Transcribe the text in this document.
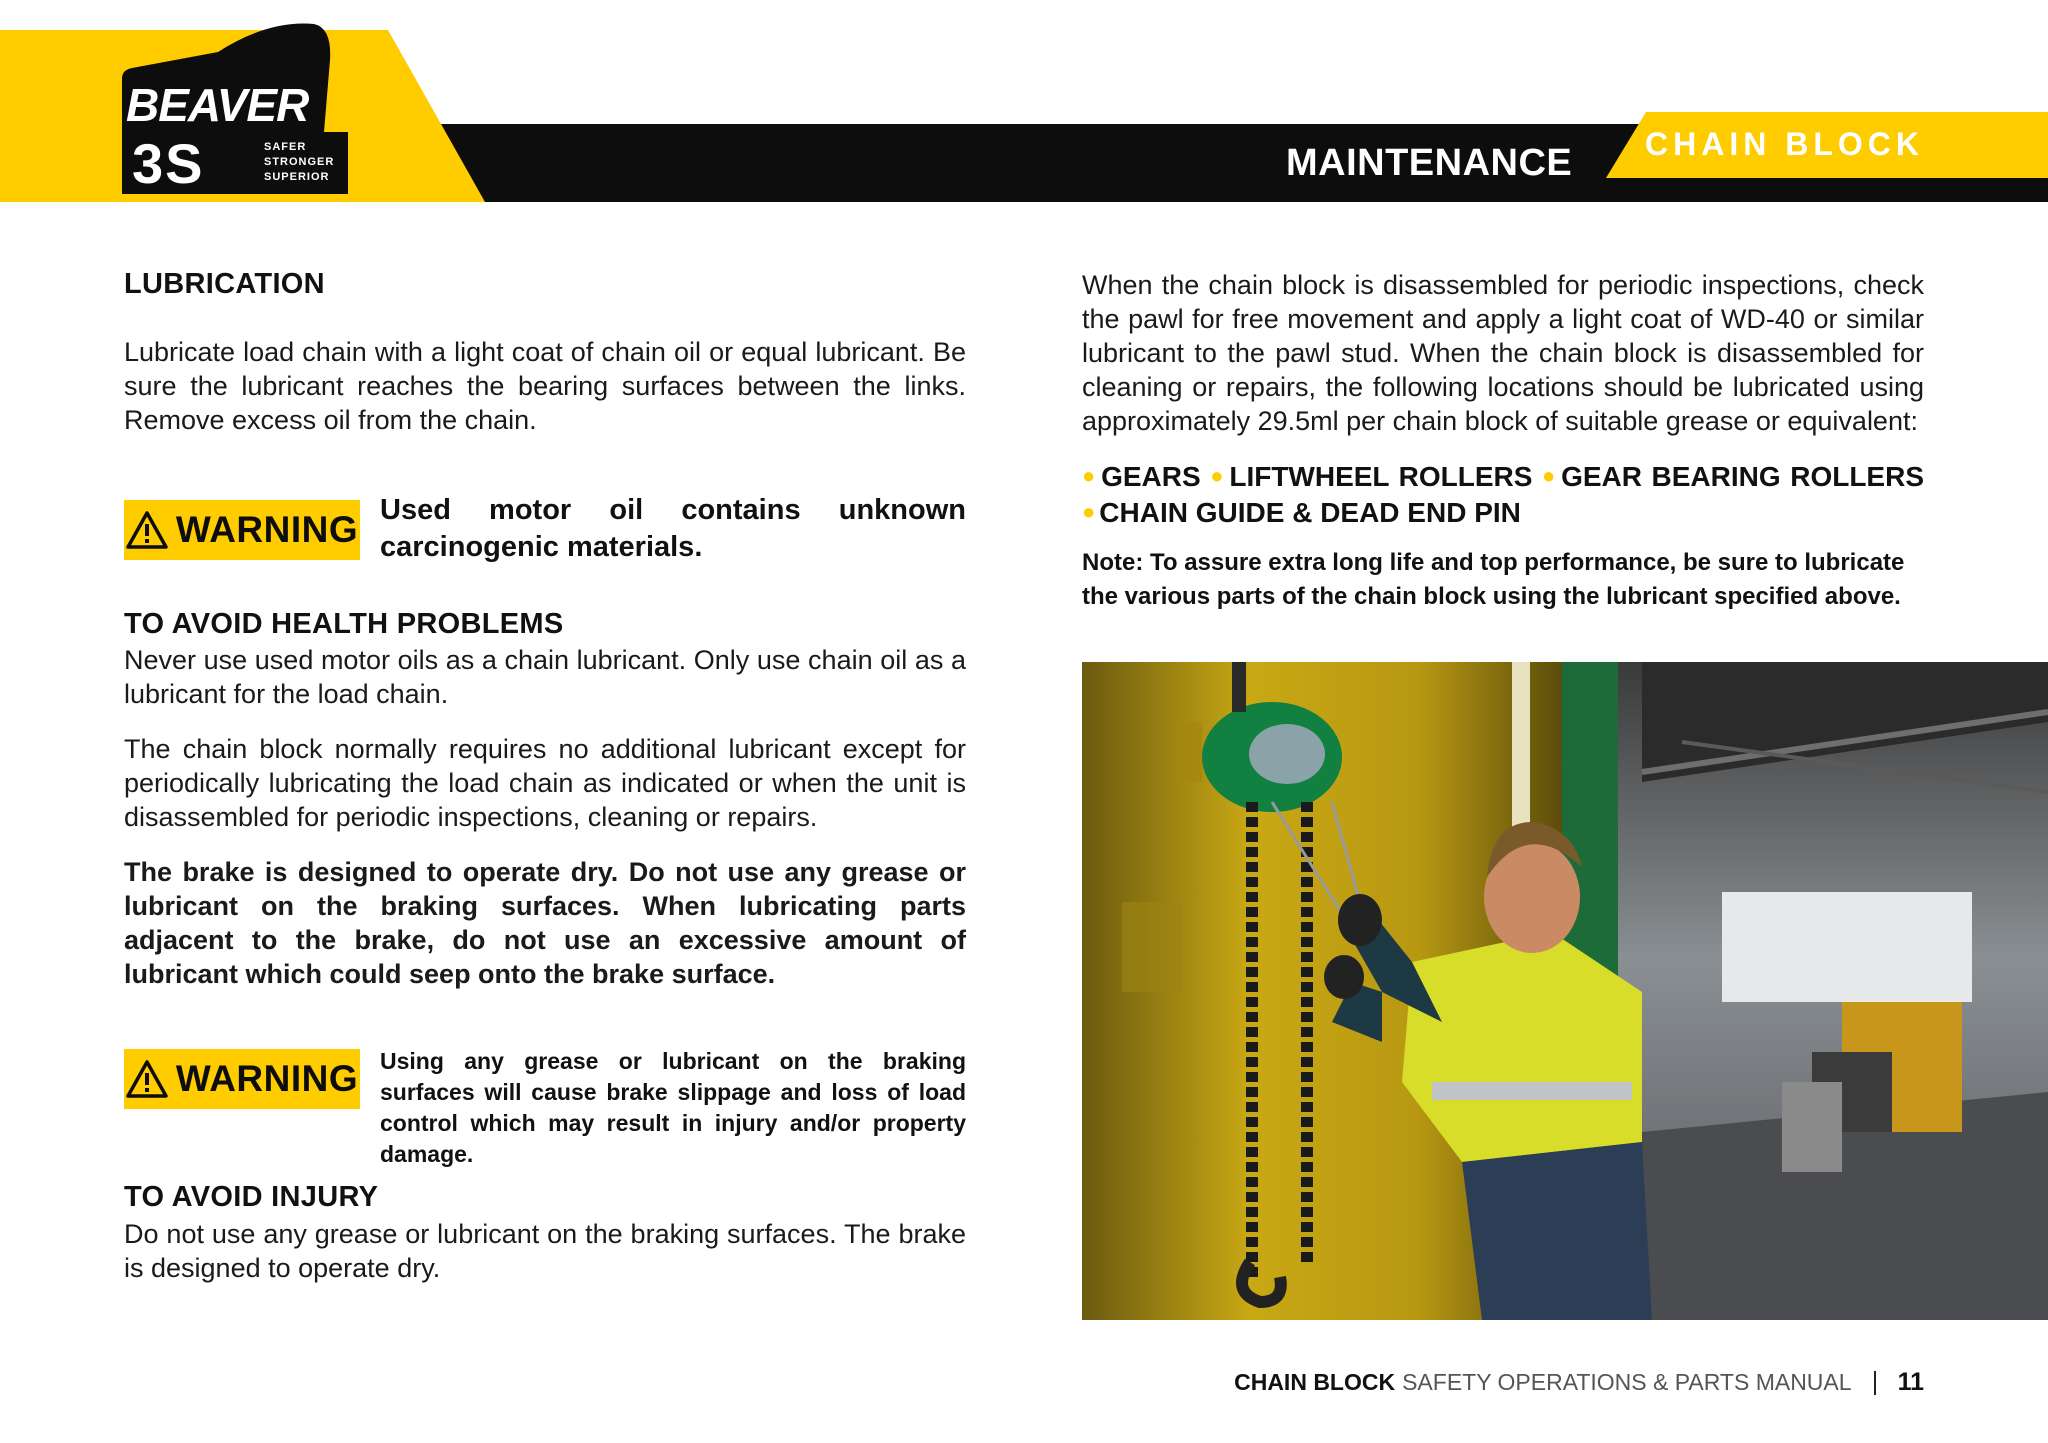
CHAIN BLOCK
MAINTENANCE
BEAVER ®
3S	SAFER
STRONGER
SUPERIOR
LUBRICATION
Lubricate load chain with a light coat of chain oil or equal lubricant. Be sure the lubricant reaches the bearing surfaces between the links. Remove excess oil from the chain.
WARNING Used motor oil contains unknown carcinogenic materials.
TO AVOID HEALTH PROBLEMS
Never use used motor oils as a chain lubricant. Only use chain oil as a lubricant for the load chain.
The chain block normally requires no additional lubricant except for periodically lubricating the load chain as indicated or when the unit is disassembled for periodic inspections, cleaning or repairs.
The brake is designed to operate dry. Do not use any grease or lubricant on the braking surfaces. When lubricating parts adjacent to the brake, do not use an excessive amount of lubricant which could seep onto the brake surface.
WARNING Using any grease or lubricant on the braking surfaces will cause brake slippage and loss of load control which may result in injury and/or property damage.
TO AVOID INJURY
Do not use any grease or lubricant on the braking surfaces. The brake is designed to operate dry.
When the chain block is disassembled for periodic inspections, check the pawl for free movement and apply a light coat of WD-40 or similar lubricant to the pawl stud. When the chain block is disassembled for cleaning or repairs, the following locations should be lubricated using approximately 29.5ml per chain block of suitable grease or equivalent:
● GEARS ● LIFTWHEEL ROLLERS ● GEAR BEARING ROLLERS ● CHAIN GUIDE & DEAD END PIN
Note: To assure extra long life and top performance, be sure to lubricate the various parts of the chain block using the lubricant specified above.
CHAIN BLOCK SAFETY OPERATIONS & PARTS MANUAL 11
